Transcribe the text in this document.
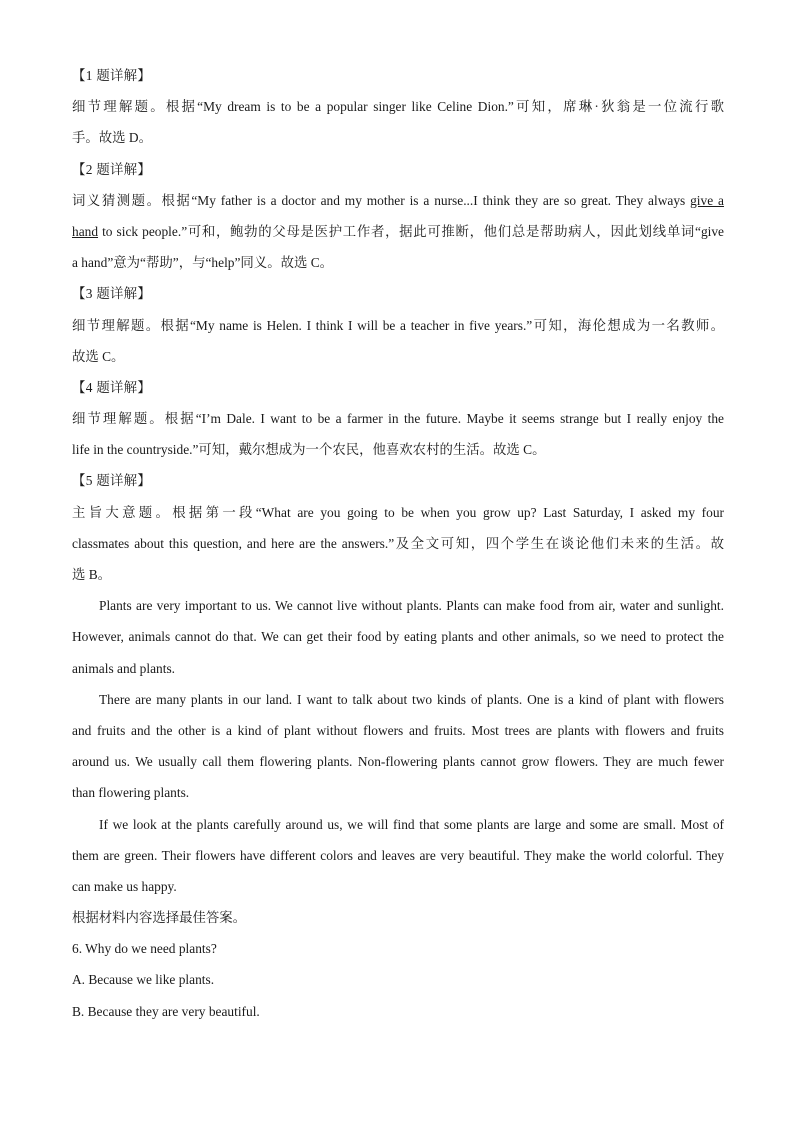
【1 题详解】
细节理解题。根据“My dream is to be a popular singer like Celine Dion.”可知，席琳·狄翁是一位流行歌
手。故选 D。
【2 题详解】
词义猜测题。根据“My father is a doctor and my mother is a nurse...I think they are so great. They always give a
hand to sick people.”可和，鲍勃的父母是医护工作者，据此可推断，他们总是帮助病人，因此划线单词“give
a hand”意为“帮助”，与“help”同义。故选 C。
【3 题详解】
细节理解题。根据“My name is Helen. I think I will be a teacher in five years.”可知，海伦想成为一名教师。
故选 C。
【4 题详解】
细节理解题。根据“I’m Dale. I want to be a farmer in the future. Maybe it seems strange but I really enjoy the
life in the countryside.”可知，戴尔想成为一个农民，他喜欢农村的生活。故选 C。
【5 题详解】
主旨大意题。根据第一段“What are you going to be when you grow up? Last Saturday, I asked my four
classmates about this question, and here are the answers.”及全文可知，四个学生在谈论他们未来的生活。故
选 B。
Plants are very important to us. We cannot live without plants. Plants can make food from air, water and sunlight.
However, animals cannot do that. We can get their food by eating plants and other animals, so we need to protect the
animals and plants.
There are many plants in our land. I want to talk about two kinds of plants. One is a kind of plant with flowers
and fruits and the other is a kind of plant without flowers and fruits. Most trees are plants with flowers and fruits
around us. We usually call them flowering plants. Non-flowering plants cannot grow flowers. They are much fewer
than flowering plants.
If we look at the plants carefully around us, we will find that some plants are large and some are small. Most of
them are green. Their flowers have different colors and leaves are very beautiful. They make the world colorful. They
can make us happy.
根据材料内容选择最佳答案。
6. Why do we need plants?
A. Because we like plants.
B. Because they are very beautiful.
